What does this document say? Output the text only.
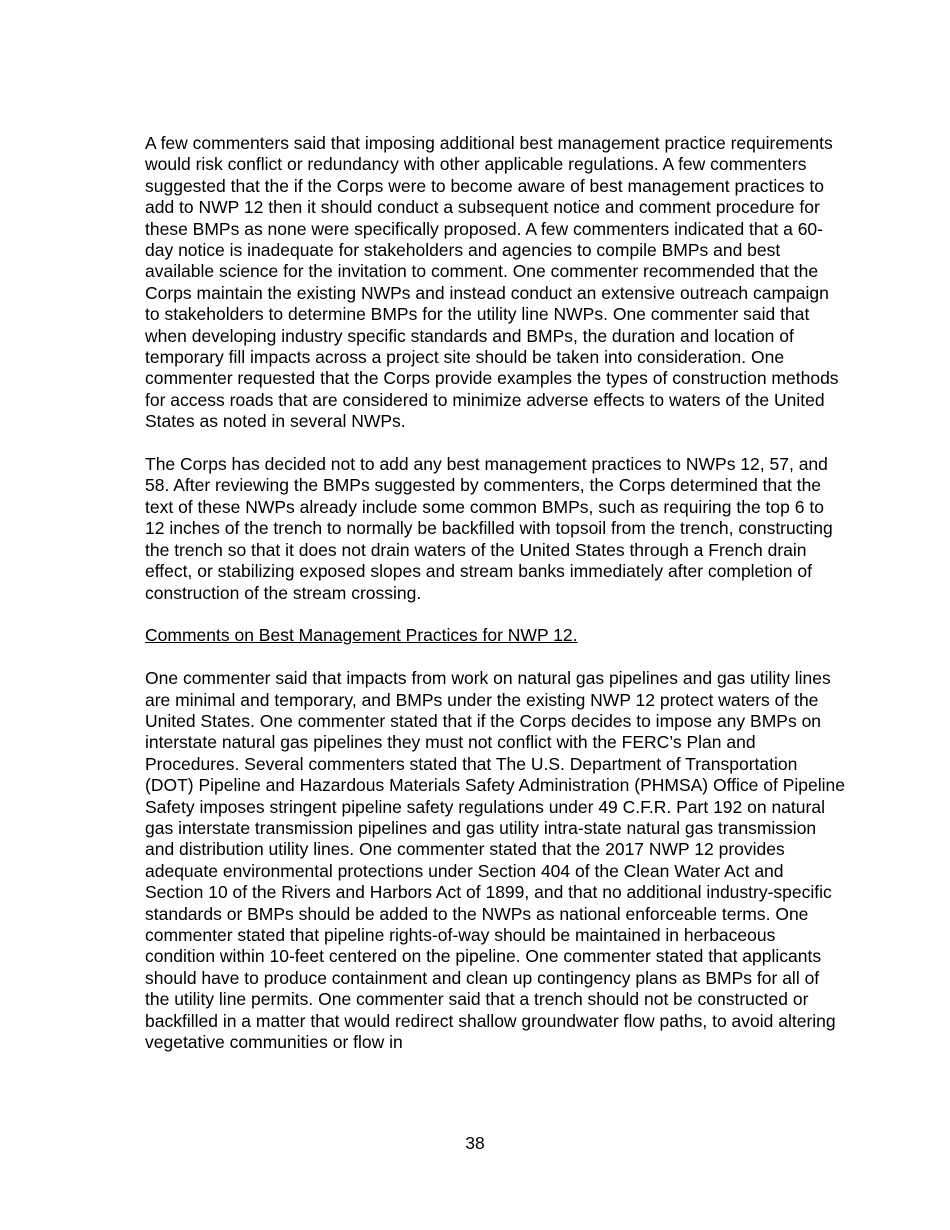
A few commenters said that imposing additional best management practice requirements would risk conflict or redundancy with other applicable regulations. A few commenters suggested that the if the Corps were to become aware of best management practices to add to NWP 12 then it should conduct a subsequent notice and comment procedure for these BMPs as none were specifically proposed. A few commenters indicated that a 60-day notice is inadequate for stakeholders and agencies to compile BMPs and best available science for the invitation to comment. One commenter recommended that the Corps maintain the existing NWPs and instead conduct an extensive outreach campaign to stakeholders to determine BMPs for the utility line NWPs. One commenter said that when developing industry specific standards and BMPs, the duration and location of temporary fill impacts across a project site should be taken into consideration. One commenter requested that the Corps provide examples the types of construction methods for access roads that are considered to minimize adverse effects to waters of the United States as noted in several NWPs.

The Corps has decided not to add any best management practices to NWPs 12, 57, and 58. After reviewing the BMPs suggested by commenters, the Corps determined that the text of these NWPs already include some common BMPs, such as requiring the top 6 to 12 inches of the trench to normally be backfilled with topsoil from the trench, constructing the trench so that it does not drain waters of the United States through a French drain effect, or stabilizing exposed slopes and stream banks immediately after completion of construction of the stream crossing.

Comments on Best Management Practices for NWP 12.

One commenter said that impacts from work on natural gas pipelines and gas utility lines are minimal and temporary, and BMPs under the existing NWP 12 protect waters of the United States. One commenter stated that if the Corps decides to impose any BMPs on interstate natural gas pipelines they must not conflict with the FERC’s Plan and Procedures. Several commenters stated that The U.S. Department of Transportation (DOT) Pipeline and Hazardous Materials Safety Administration (PHMSA) Office of Pipeline Safety imposes stringent pipeline safety regulations under 49 C.F.R. Part 192 on natural gas interstate transmission pipelines and gas utility intra-state natural gas transmission and distribution utility lines. One commenter stated that the 2017 NWP 12 provides adequate environmental protections under Section 404 of the Clean Water Act and Section 10 of the Rivers and Harbors Act of 1899, and that no additional industry-specific standards or BMPs should be added to the NWPs as national enforceable terms. One commenter stated that pipeline rights-of-way should be maintained in herbaceous condition within 10-feet centered on the pipeline. One commenter stated that applicants should have to produce containment and clean up contingency plans as BMPs for all of the utility line permits. One commenter said that a trench should not be constructed or backfilled in a matter that would redirect shallow groundwater flow paths, to avoid altering vegetative communities or flow in

38
